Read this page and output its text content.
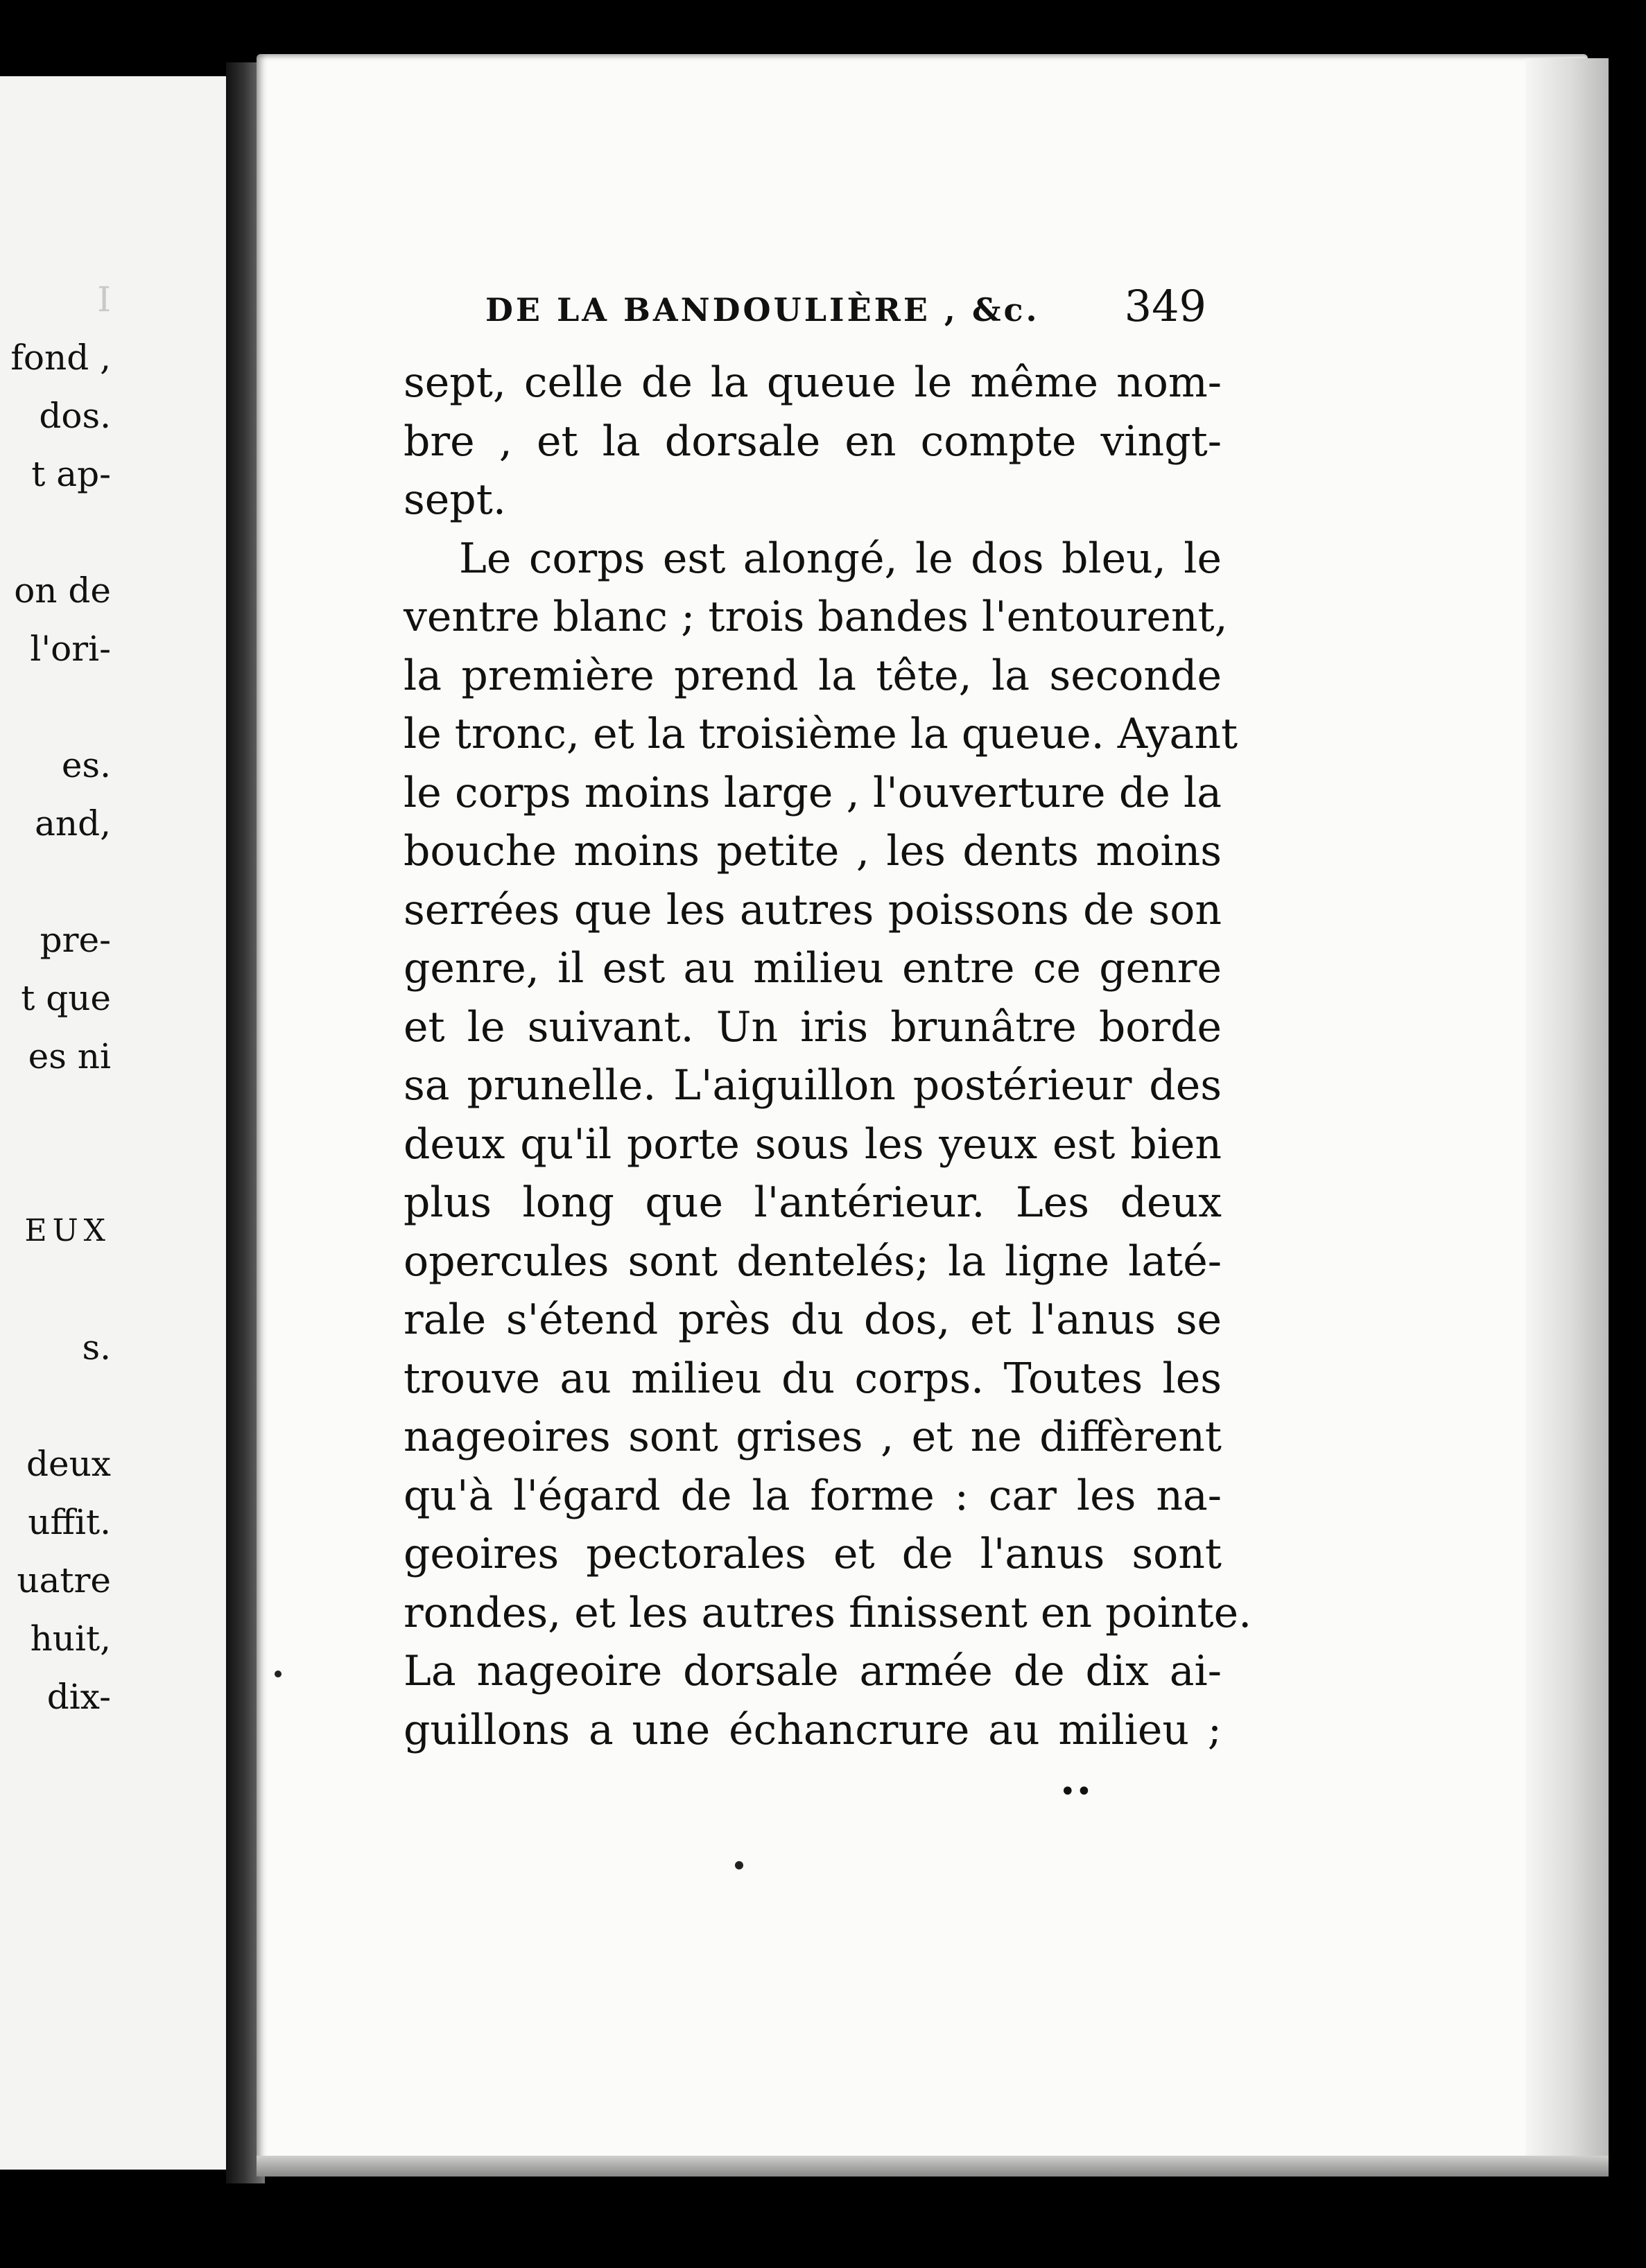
I
fond ,
dos.
t ap-
on de
l'ori-
es.
and,
pre-
t que
es ni
EUX
s.
deux
uffit.
uatre
huit,
dix-
DE LA BANDOULIÈRE , &c. 349
sept, celle de la queue le même nom-
bre , et la dorsale en compte vingt-
sept.
Le corps est alongé, le dos bleu, le
ventre blanc ; trois bandes l'entourent,
la première prend la tête, la seconde
le tronc, et la troisième la queue. Ayant
le corps moins large , l'ouverture de la
bouche moins petite , les dents moins
serrées que les autres poissons de son
genre, il est au milieu entre ce genre
et le suivant. Un iris brunâtre borde
sa prunelle. L'aiguillon postérieur des
deux qu'il porte sous les yeux est bien
plus long que l'antérieur. Les deux
opercules sont dentelés; la ligne laté-
rale s'étend près du dos, et l'anus se
trouve au milieu du corps. Toutes les
nageoires sont grises , et ne diffèrent
qu'à l'égard de la forme : car les na-
geoires pectorales et de l'anus sont
rondes, et les autres finissent en pointe.
La nageoire dorsale armée de dix ai-
guillons a une échancrure au milieu ;
••
